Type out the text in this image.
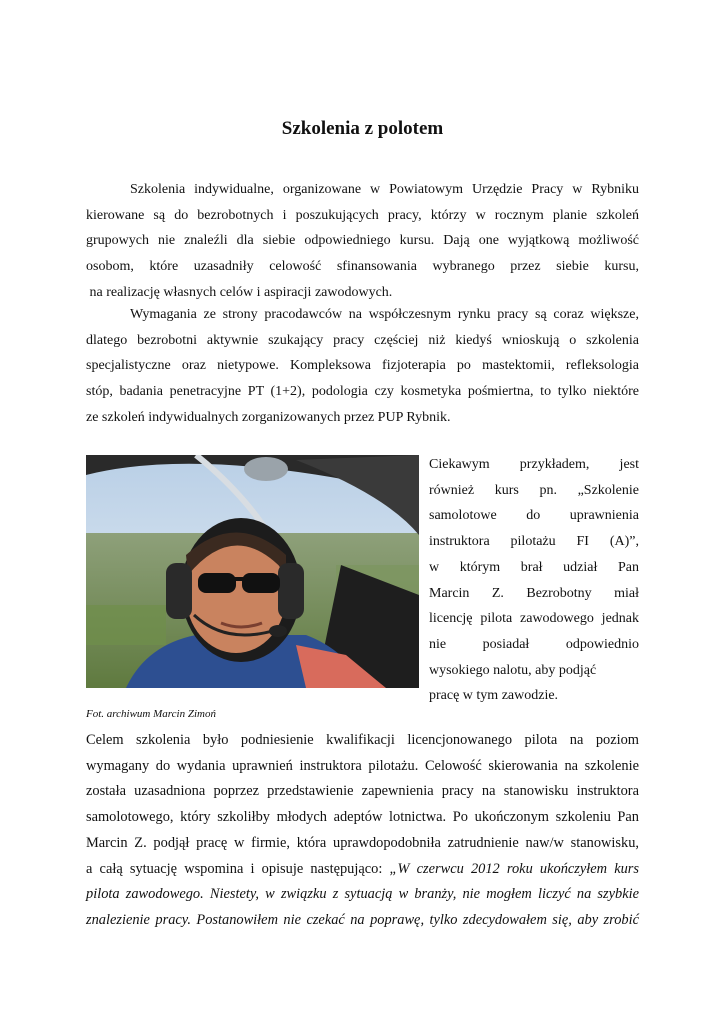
Szkolenia z polotem
Szkolenia indywidualne, organizowane w Powiatowym Urzędzie Pracy w Rybniku
kierowane są do bezrobotnych i poszukujących pracy, którzy w rocznym planie szkoleń
grupowych nie znaleźli dla siebie odpowiedniego kursu. Dają one wyjątkową możliwość
osobom, które uzasadniły celowość sfinansowania wybranego przez siebie kursu,
na realizację własnych celów i aspiracji zawodowych.
Wymagania ze strony pracodawców na współczesnym rynku pracy są coraz większe,
dlatego bezrobotni aktywnie szukający pracy częściej niż kiedyś wnioskują o szkolenia
specjalistyczne oraz nietypowe. Kompleksowa fizjoterapia po mastektomii, refleksologia
stóp, badania penetracyjne PT (1+2), podologia czy kosmetyka pośmiertna, to tylko niektóre
ze szkoleń indywidualnych zorganizowanych przez PUP Rybnik.
Ciekawym przykładem, jest
również kurs pn. „Szkolenie
samolotowe do uprawnienia
instruktora pilotażu FI (A)”,
w którym brał udział Pan
Marcin Z. Bezrobotny miał
licencję pilota zawodowego jednak
nie posiadał odpowiednio
wysokiego nalotu, aby podjąć
pracę w tym zawodzie.
Fot. archiwum Marcin Zimoń
Celem szkolenia było podniesienie kwalifikacji licencjonowanego pilota na poziom
wymagany do wydania uprawnień instruktora pilotażu. Celowość skierowania na szkolenie
została uzasadniona poprzez przedstawienie zapewnienia pracy na stanowisku instruktora
samolotowego, który szkoliłby młodych adeptów lotnictwa. Po ukończonym szkoleniu Pan
Marcin Z. podjął pracę w firmie, która uprawdopodobniła zatrudnienie naw/w stanowisku,
a całą sytuację wspomina i opisuje następująco: „W czerwcu 2012 roku ukończyłem kurs
pilota zawodowego. Niestety, w związku z sytuacją w branży, nie mogłem liczyć na szybkie
znalezienie pracy. Postanowiłem nie czekać na poprawę, tylko zdecydowałem się, aby zrobić
